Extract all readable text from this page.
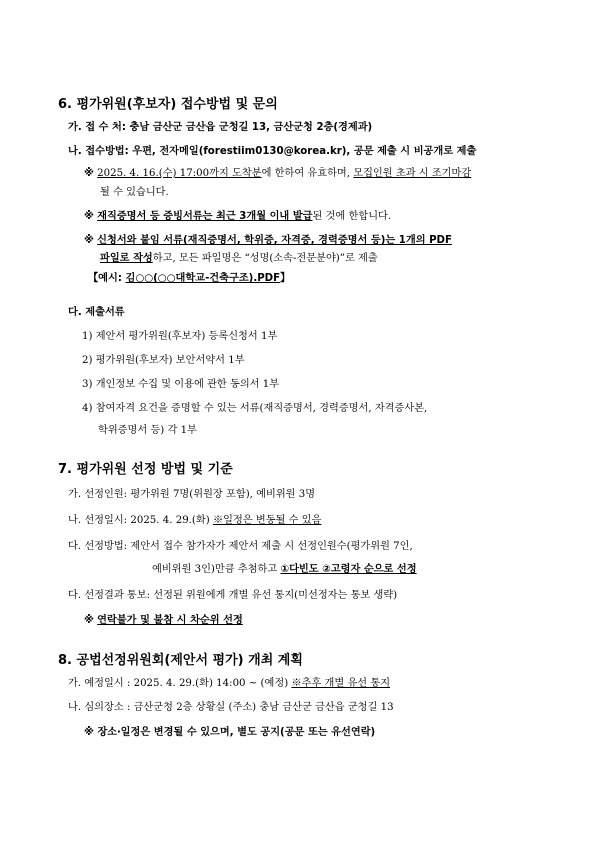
6. 평가위원(후보자) 접수방법 및 문의
가. 접 수 처: 충남 금산군 금산읍 군청길 13, 금산군청 2층(경제과)
나. 접수방법: 우편, 전자메일(forestiim0130@korea.kr), 공문 제출 시 비공개로 제출
※ 2025. 4. 16.(수) 17:00까지 도착분에 한하여 유효하며, 모집인원 초과 시 조기마감
될 수 있습니다.
※ 재직증명서 등 증빙서류는 최근 3개월 이내 발급된 것에 한합니다.
※ 신청서와 붙임 서류(재직증명서, 학위증, 자격증, 경력증명서 등)는 1개의 PDF
파일로 작성하고, 모든 파일명은 “성명(소속-전문분야)”로 제출
【예시: 김○○(○○대학교-건축구조).PDF】
다. 제출서류
1) 제안서 평가위원(후보자) 등록신청서 1부
2) 평가위원(후보자) 보안서약서 1부
3) 개인정보 수집 및 이용에 관한 동의서 1부
4) 참여자격 요건을 증명할 수 있는 서류(재직증명서, 경력증명서, 자격증사본,
학위증명서 등) 각 1부
7. 평가위원 선정 방법 및 기준
가. 선정인원: 평가위원 7명(위원장 포함), 예비위원 3명
나. 선정일시: 2025. 4. 29.(화) ※일정은 변동될 수 있음
다. 선정방법: 제안서 접수 참가자가 제안서 제출 시 선정인원수(평가위원 7인,
예비위원 3인)만큼 추첨하고 ①다빈도 ②고령자 순으로 선정
다. 선정결과 통보: 선정된 위원에게 개별 유선 통지(미선정자는 통보 생략)
※ 연락불가 및 불참 시 차순위 선정
8. 공법선정위원회(제안서 평가) 개최 계획
가. 예정일시 : 2025. 4. 29.(화) 14:00 ~ (예정) ※추후 개별 유선 통지
나. 심의장소 : 금산군청 2층 상황실 (주소) 충남 금산군 금산읍 군청길 13
※ 장소‧일정은 변경될 수 있으며, 별도 공지(공문 또는 유선연락)
